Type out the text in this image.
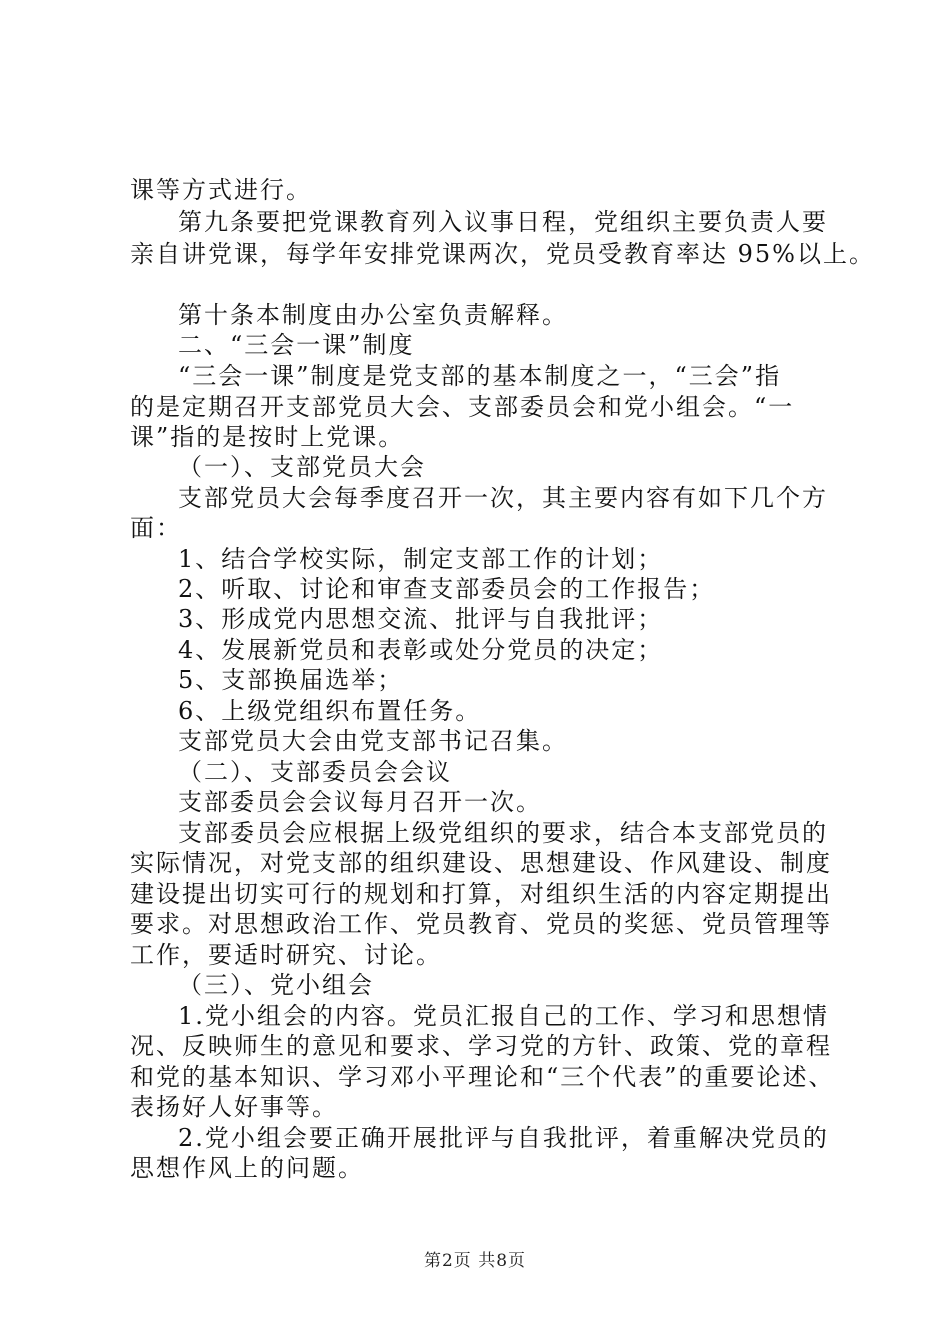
课等方式进行。
第九条要把党课教育列入议事日程，党组织主要负责人要
亲自讲党课，每学年安排党课两次，党员受教育率达 95%以上。
第十条本制度由办公室负责解释。
二、“三会一课”制度
“三会一课”制度是党支部的基本制度之一，“三会”指
的是定期召开支部党员大会、支部委员会和党小组会。“一
课”指的是按时上党课。
（一）、支部党员大会
支部党员大会每季度召开一次，其主要内容有如下几个方
面：
1、结合学校实际，制定支部工作的计划；
2、听取、讨论和审查支部委员会的工作报告；
3、形成党内思想交流、批评与自我批评；
4、发展新党员和表彰或处分党员的决定；
5、支部换届选举；
6、上级党组织布置任务。
支部党员大会由党支部书记召集。
（二）、支部委员会会议
支部委员会会议每月召开一次。
支部委员会应根据上级党组织的要求，结合本支部党员的
实际情况，对党支部的组织建设、思想建设、作风建设、制度
建设提出切实可行的规划和打算，对组织生活的内容定期提出
要求。对思想政治工作、党员教育、党员的奖惩、党员管理等
工作，要适时研究、讨论。
（三）、党小组会
1.党小组会的内容。党员汇报自己的工作、学习和思想情
况、反映师生的意见和要求、学习党的方针、政策、党的章程
和党的基本知识、学习邓小平理论和“三个代表”的重要论述、
表扬好人好事等。
2.党小组会要正确开展批评与自我批评，着重解决党员的
思想作风上的问题。
第2页 共8页
